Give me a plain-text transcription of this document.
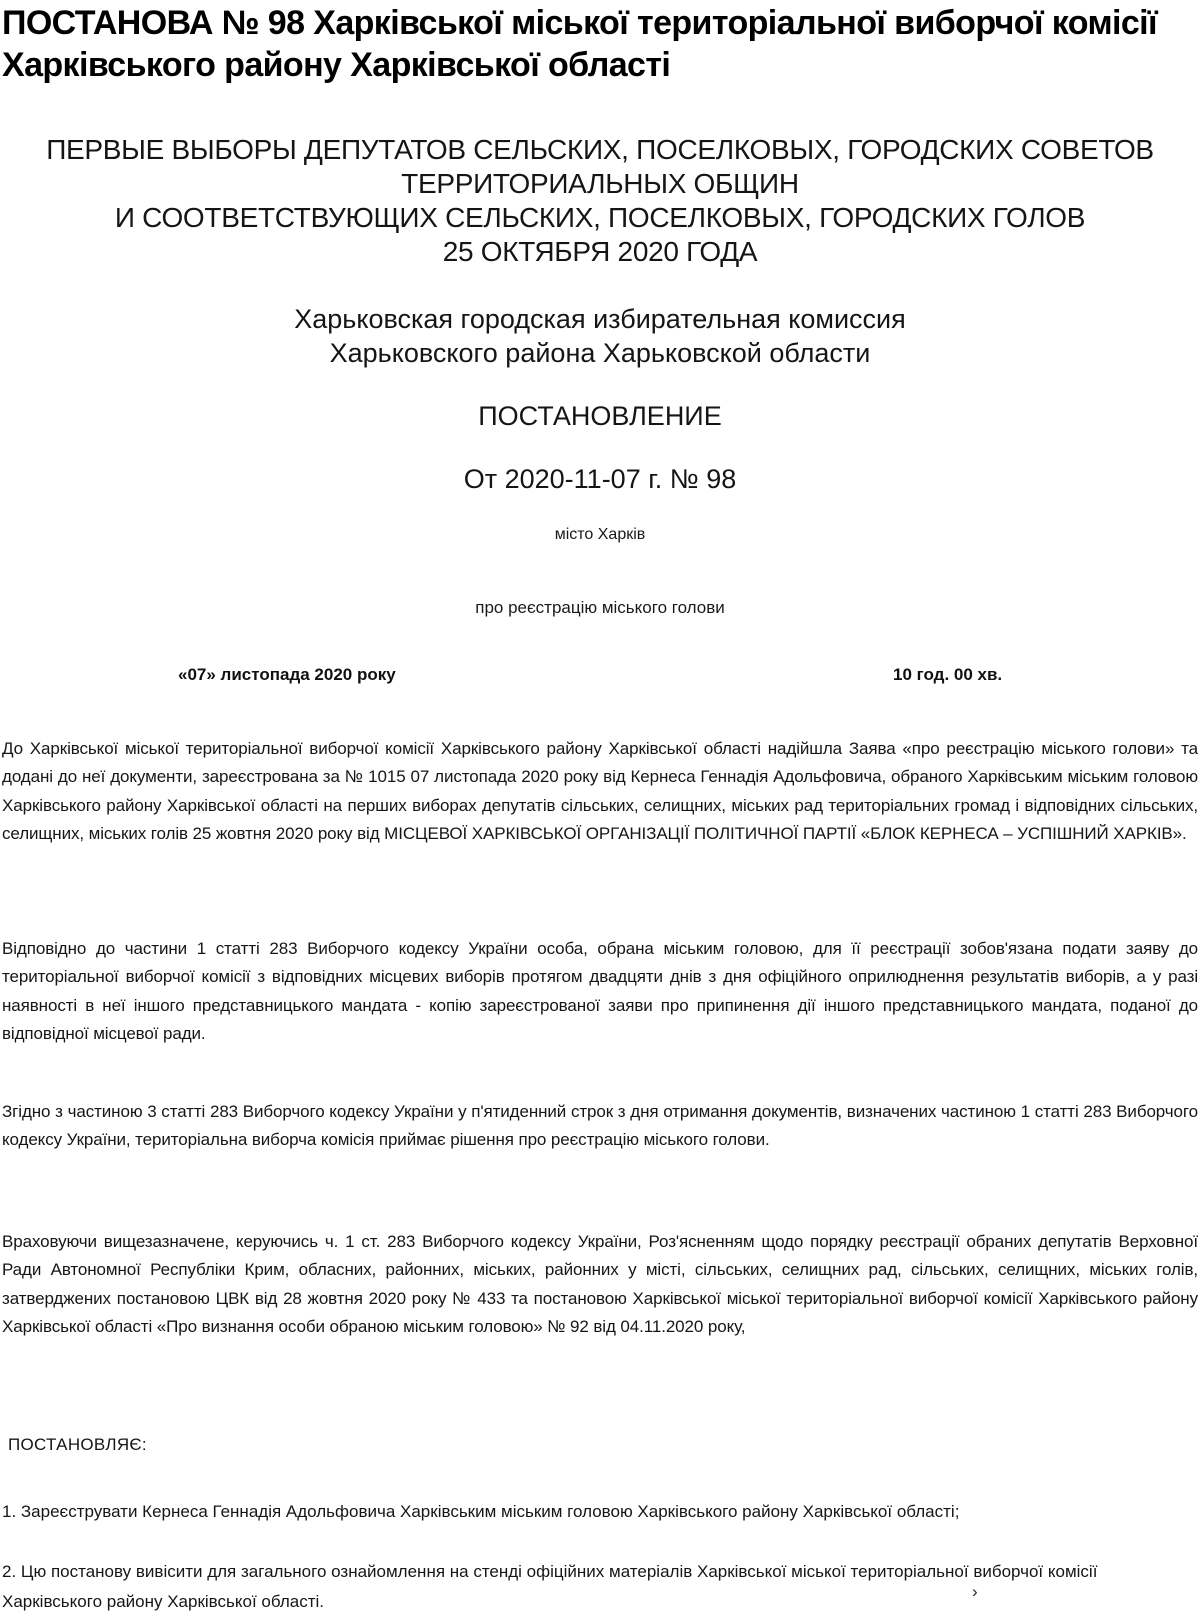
ПОСТАНОВА № 98 Харківської міської територіальної виборчої комісії Харківського району Харківської області
ПЕРВЫЕ ВЫБОРЫ ДЕПУТАТОВ СЕЛЬСКИХ, ПОСЕЛКОВЫХ, ГОРОДСКИХ СОВЕТОВ
ТЕРРИТОРИАЛЬНЫХ ОБЩИН
И СООТВЕТСТВУЮЩИХ СЕЛЬСКИХ, ПОСЕЛКОВЫХ, ГОРОДСКИХ ГОЛОВ
25 ОКТЯБРЯ 2020 ГОДА
Харьковская городская избирательная комиссия
Харьковского района Харьковской области
ПОСТАНОВЛЕНИЕ
От 2020-11-07 г. № 98
місто Харків
про реєстрацію міського голови
«07» листопада 2020 року	10 год. 00 хв.

До Харківської міської територіальної виборчої комісії Харківського району Харківської області надійшла Заява «про реєстрацію міського голови» та додані до неї документи, зареєстрована за № 1015 07 листопада 2020 року від Кернеса Геннадія Адольфовича, обраного Харківським міським головою Харківського району Харківської області на перших виборах депутатів сільських, селищних, міських рад територіальних громад і відповідних сільських, селищних, міських голів 25 жовтня 2020 року від МІСЦЕВОЇ ХАРКІВСЬКОЇ ОРГАНІЗАЦІЇ ПОЛІТИЧНОЇ ПАРТІЇ «БЛОК КЕРНЕСА – УСПІШНИЙ ХАРКІВ».

Відповідно до частини 1 статті 283 Виборчого кодексу України особа, обрана міським головою, для її реєстрації зобов'язана подати заяву до територіальної виборчої комісії з відповідних місцевих виборів протягом двадцяти днів з дня офіційного оприлюднення результатів виборів, а у разі наявності в неї іншого представницького мандата - копію зареєстрованої заяви про припинення дії іншого представницького мандата, поданої до відповідної місцевої ради.

Згідно з частиною 3 статті 283 Виборчого кодексу України у п'ятиденний строк з дня отримання документів, визначених частиною 1 статті 283 Виборчого кодексу України, територіальна виборча комісія приймає рішення про реєстрацію міського голови.

Враховуючи вищезазначене, керуючись ч. 1 ст. 283 Виборчого кодексу України, Роз'ясненням щодо порядку реєстрації обраних депутатів Верховної Ради Автономної Республіки Крим, обласних, районних, міських, районних у місті, сільських, селищних рад, сільських, селищних, міських голів, затверджених постановою ЦВК від 28 жовтня 2020 року № 433 та постановою Харківської міської територіальної виборчої комісії Харківського району Харківської області «Про визнання особи обраною міським головою» № 92 від 04.11.2020 року,

ПОСТАНОВЛЯЄ:

1. Зареєструвати Кернеса Геннадія Адольфовича Харківським міським головою Харківського району Харківської області;

2. Цю постанову вивісити для загального ознайомлення на стенді офіційних матеріалів Харківської міської територіальної виборчої комісії Харківського району Харківської області.

›
